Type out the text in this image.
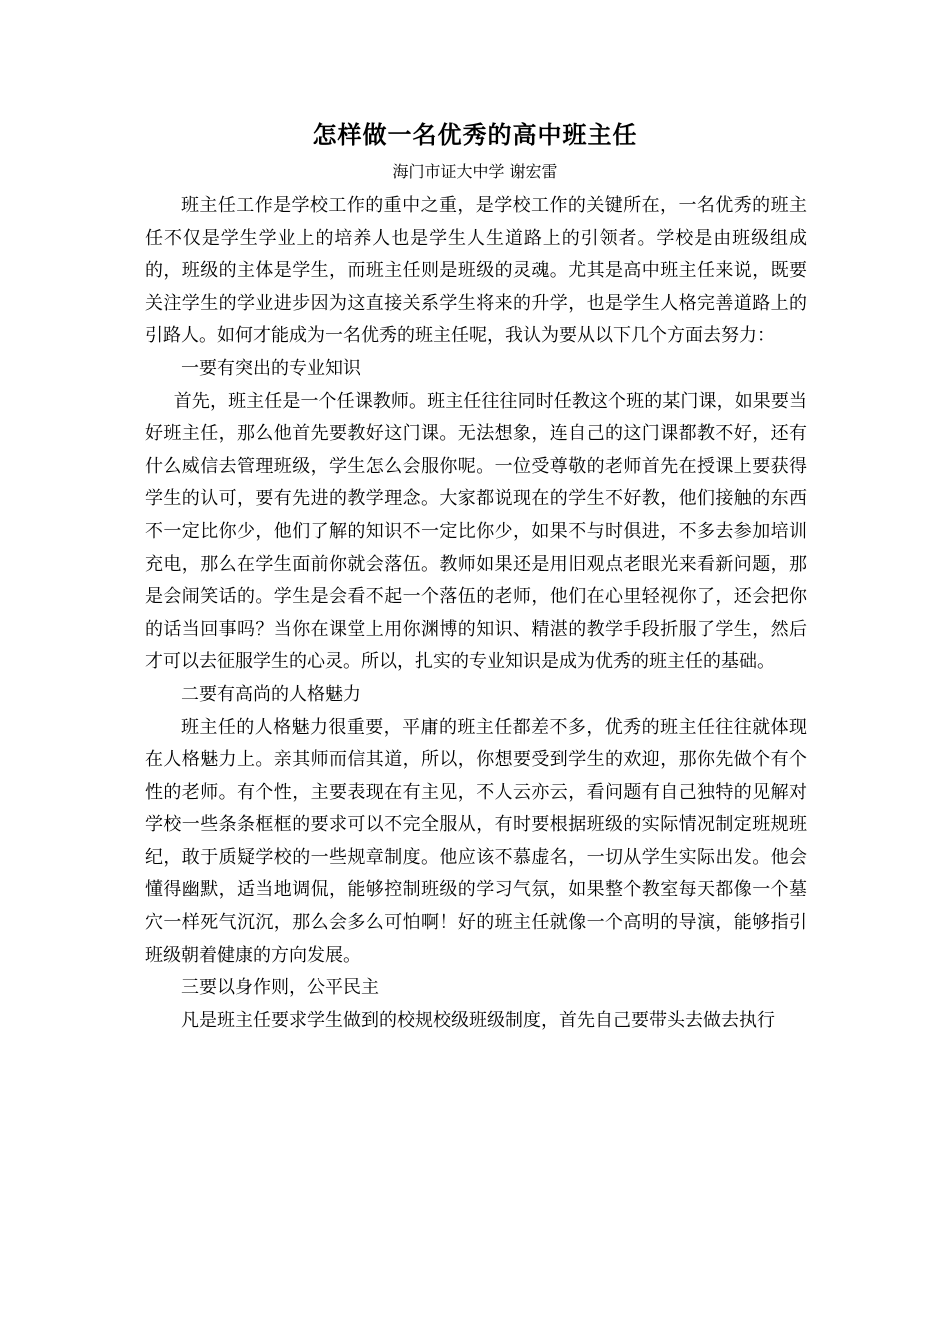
怎样做一名优秀的高中班主任
海门市证大中学 谢宏雷

班主任工作是学校工作的重中之重，是学校工作的关键所在，一名优秀的班主任不仅是学生学业上的培养人也是学生人生道路上的引领者。学校是由班级组成的，班级的主体是学生，而班主任则是班级的灵魂。尤其是高中班主任来说，既要关注学生的学业进步因为这直接关系学生将来的升学，也是学生人格完善道路上的引路人。如何才能成为一名优秀的班主任呢，我认为要从以下几个方面去努力：

一要有突出的专业知识

首先，班主任是一个任课教师。班主任往往同时任教这个班的某门课，如果要当好班主任，那么他首先要教好这门课。无法想象，连自己的这门课都教不好，还有什么威信去管理班级，学生怎么会服你呢。一位受尊敬的老师首先在授课上要获得学生的认可，要有先进的教学理念。大家都说现在的学生不好教，他们接触的东西不一定比你少，他们了解的知识不一定比你少，如果不与时俱进，不多去参加培训充电，那么在学生面前你就会落伍。教师如果还是用旧观点老眼光来看新问题，那是会闹笑话的。学生是会看不起一个落伍的老师，他们在心里轻视你了，还会把你的话当回事吗？当你在课堂上用你渊博的知识、精湛的教学手段折服了学生，然后才可以去征服学生的心灵。所以，扎实的专业知识是成为优秀的班主任的基础。

二要有高尚的人格魅力

班主任的人格魅力很重要，平庸的班主任都差不多，优秀的班主任往往就体现在人格魅力上。亲其师而信其道，所以，你想要受到学生的欢迎，那你先做个有个性的老师。有个性，主要表现在有主见，不人云亦云，看问题有自己独特的见解对学校一些条条框框的要求可以不完全服从，有时要根据班级的实际情况制定班规班纪，敢于质疑学校的一些规章制度。他应该不慕虚名，一切从学生实际出发。他会懂得幽默，适当地调侃，能够控制班级的学习气氛，如果整个教室每天都像一个墓穴一样死气沉沉，那么会多么可怕啊！好的班主任就像一个高明的导演，能够指引班级朝着健康的方向发展。

三要以身作则，公平民主

凡是班主任要求学生做到的校规校级班级制度，首先自己要带头去做去执行
